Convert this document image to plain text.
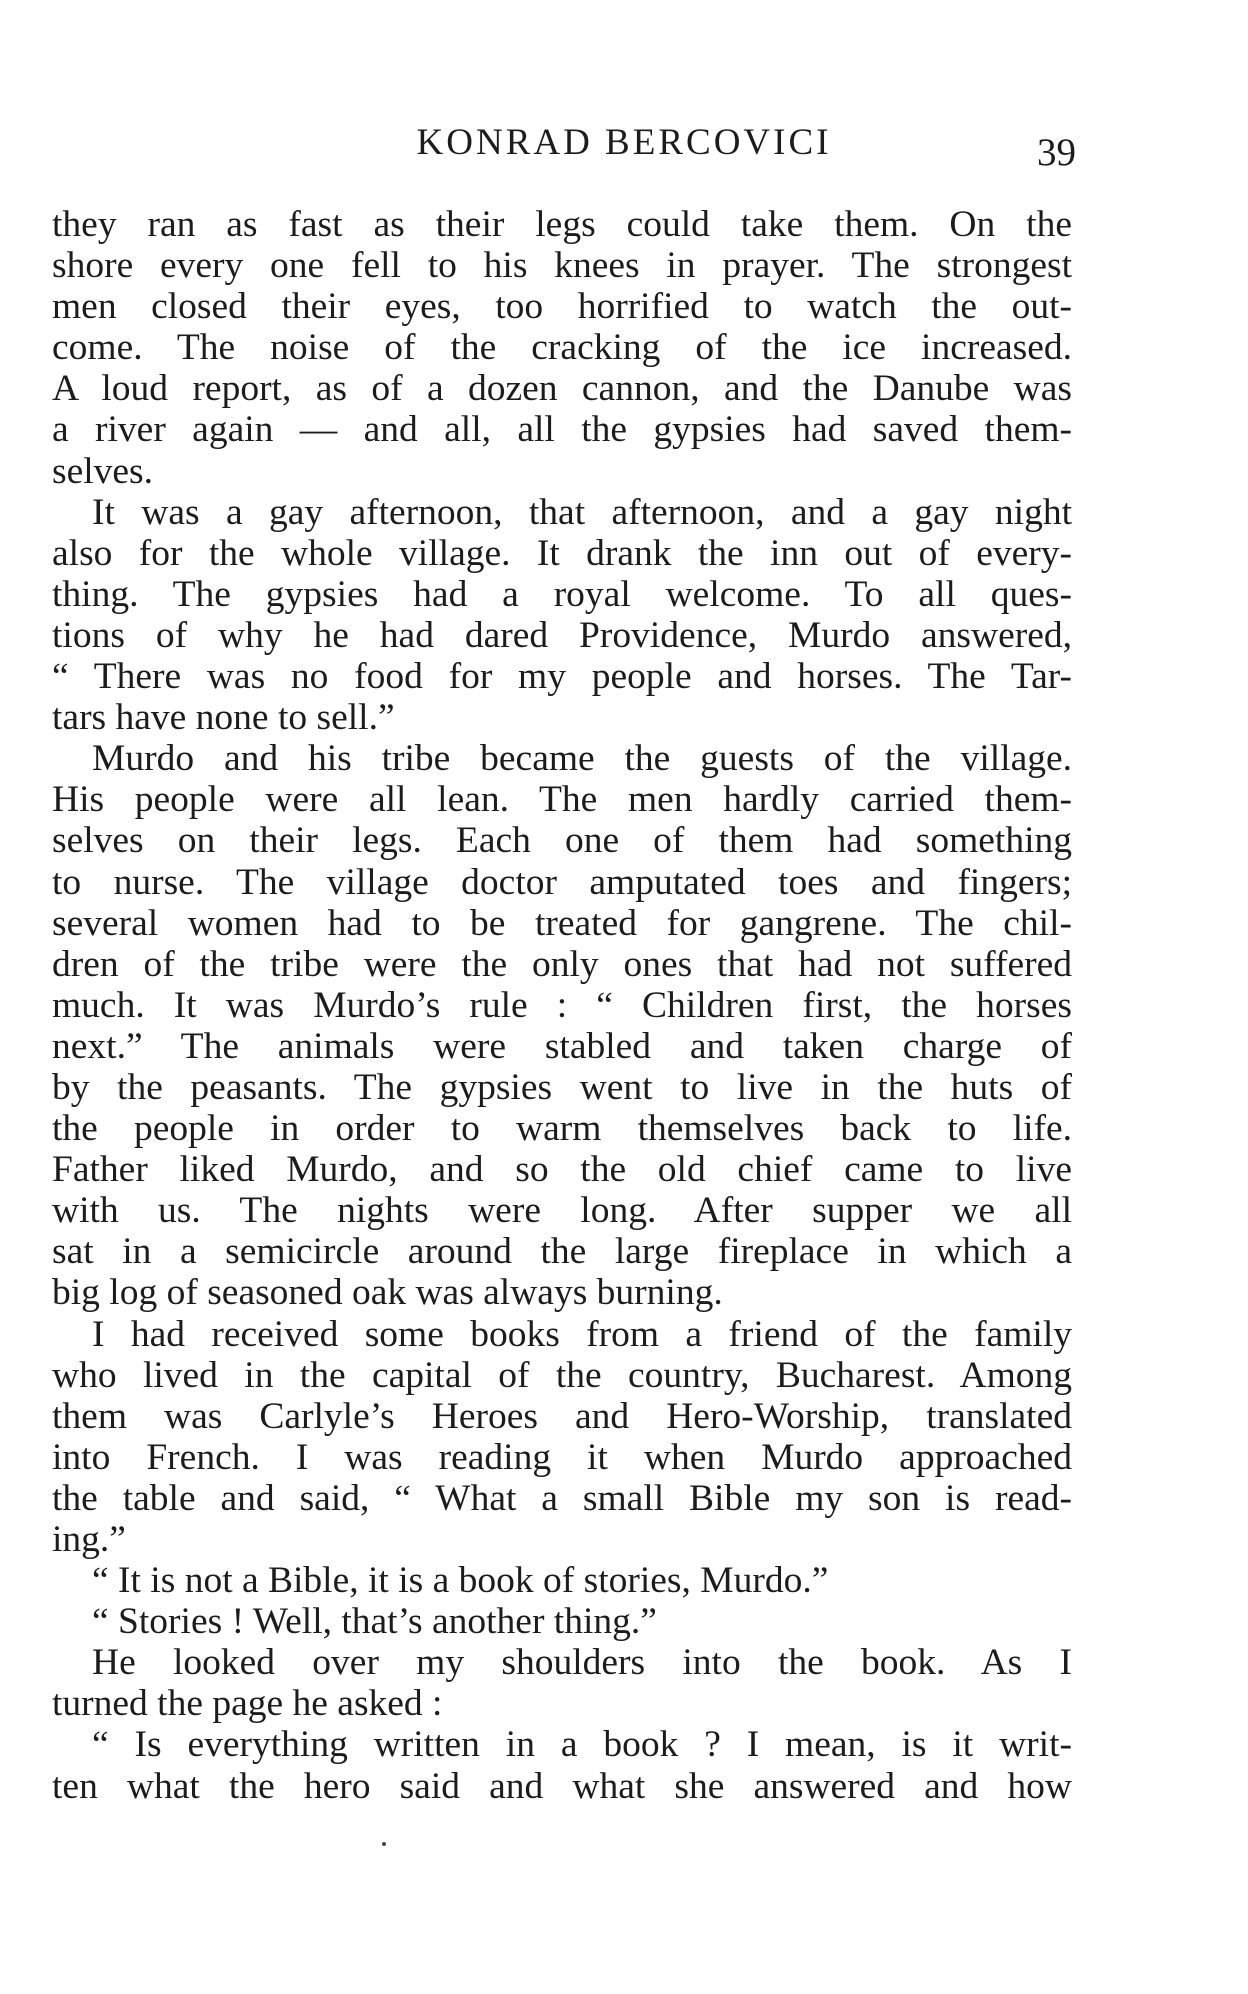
KONRAD BERCOVICI	39
they ran as fast as their legs could take them. On the
shore every one fell to his knees in prayer. The strongest
men closed their eyes, too horrified to watch the out-
come. The noise of the cracking of the ice increased.
A loud report, as of a dozen cannon, and the Danube was
a river again — and all, all the gypsies had saved them-
selves.
It was a gay afternoon, that afternoon, and a gay night
also for the whole village. It drank the inn out of every-
thing. The gypsies had a royal welcome. To all ques-
tions of why he had dared Providence, Murdo answered,
“ There was no food for my people and horses. The Tar-
tars have none to sell.”
Murdo and his tribe became the guests of the village.
His people were all lean. The men hardly carried them-
selves on their legs. Each one of them had something
to nurse. The village doctor amputated toes and fingers;
several women had to be treated for gangrene. The chil-
dren of the tribe were the only ones that had not suffered
much. It was Murdo’s rule : “ Children first, the horses
next.” The animals were stabled and taken charge of
by the peasants. The gypsies went to live in the huts of
the people in order to warm themselves back to life.
Father liked Murdo, and so the old chief came to live
with us. The nights were long. After supper we all
sat in a semicircle around the large fireplace in which a
big log of seasoned oak was always burning.
I had received some books from a friend of the family
who lived in the capital of the country, Bucharest. Among
them was Carlyle’s Heroes and Hero-Worship, translated
into French. I was reading it when Murdo approached
the table and said, “ What a small Bible my son is read-
ing.”
“ It is not a Bible, it is a book of stories, Murdo.”
“ Stories ! Well, that’s another thing.”
He looked over my shoulders into the book. As I
turned the page he asked :
“ Is everything written in a book ? I mean, is it writ-
ten what the hero said and what she answered and how
